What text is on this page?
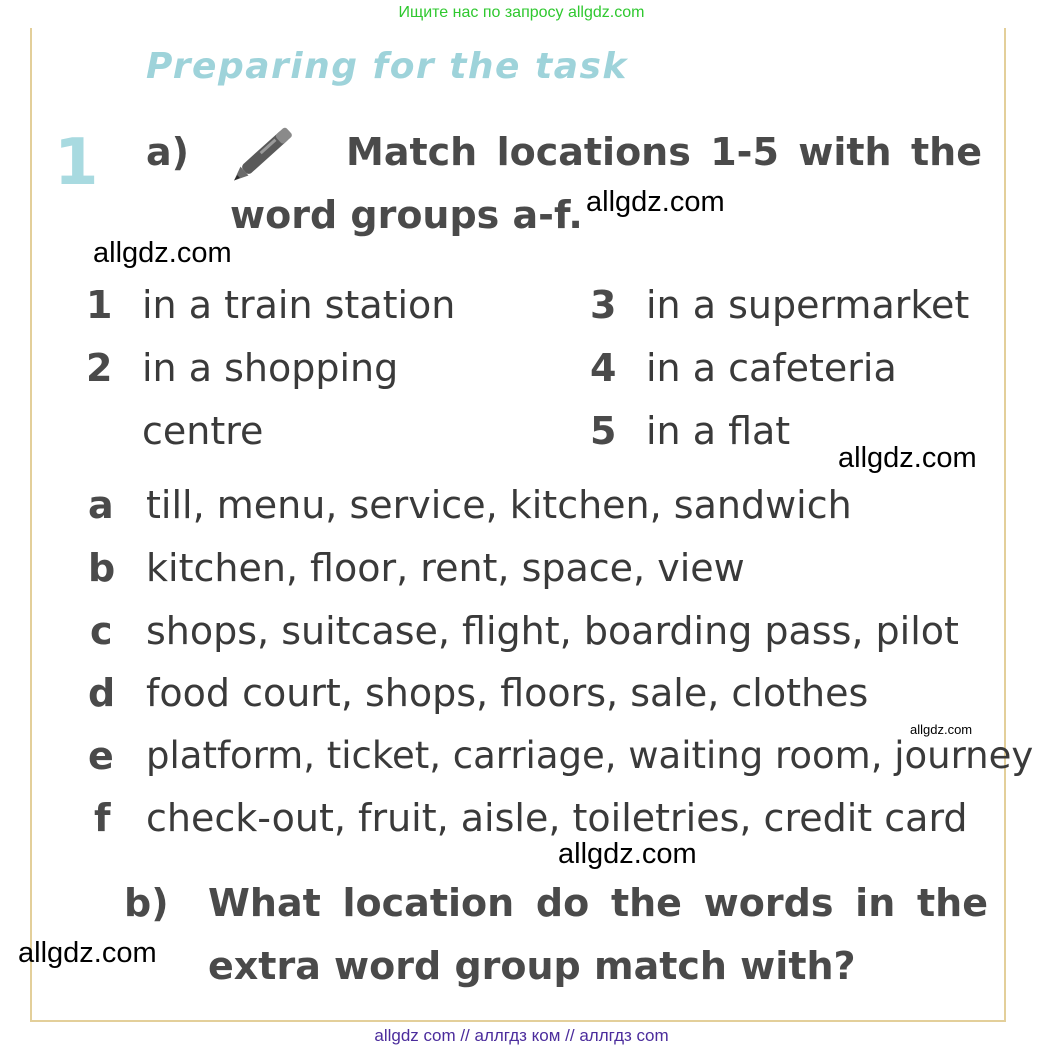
Ищите нас по запросу allgdz.com
Preparing for the task
1 a)	Match locations 1-5 with the
word groups a-f.
1 in a train station
2 in a shopping
centre
3 in a supermarket
4 in a cafeteria
5 in a flat
a till, menu, service, kitchen, sandwich
b kitchen, floor, rent, space, view
c shops, suitcase, flight, boarding pass, pilot
d food court, shops, floors, sale, clothes
e platform, ticket, carriage, waiting room, journey
f check-out, fruit, aisle, toiletries, credit card
b) What location do the words in the
extra word group match with?
allgdz.com
allgdz.com
allgdz.com
allgdz.com
allgdz.com
allgdz.com
allgdz com // аллгдз ком // аллгдз com
